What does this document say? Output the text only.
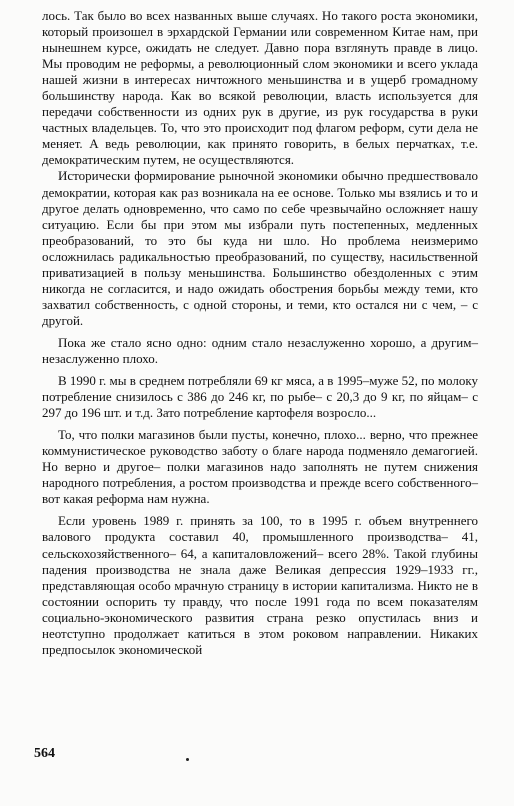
лось. Так было во всех названных выше случаях. Но такого роста экономики, который произошел в эрхардской Германии или современном Китае нам, при нынешнем курсе, ожидать не следует. Давно пора взглянуть правде в лицо. Мы проводим не реформы, а революционный слом экономики и всего уклада нашей жизни в интересах ничтожного меньшинства и в ущерб громадному большинству народа. Как во всякой революции, власть используется для передачи собственности из одних рук в другие, из рук государства в руки частных владельцев. То, что это происходит под флагом реформ, сути дела не меняет. А ведь революции, как принято говорить, в белых перчатках, т.е. демократическим путем, не осуществляются.

Исторически формирование рыночной экономики обычно предшествовало демократии, которая как раз возникала на ее основе. Только мы взялись и то и другое делать одновременно, что само по себе чрезвычайно осложняет нашу ситуацию. Если бы при этом мы избрали путь постепенных, медленных преобразований, то это бы куда ни шло. Но проблема неизмеримо осложнилась радикальностью преобразований, по существу, насильственной приватизацией в пользу меньшинства. Большинство обездоленных с этим никогда не согласится, и надо ожидать обострения борьбы между теми, кто захватил собственность, с одной стороны, и теми, кто остался ни с чем, – с другой.

Пока же стало ясно одно: одним стало незаслуженно хорошо, а другим–незаслуженно плохо.

В 1990 г. мы в среднем потребляли 69 кг мяса, а в 1995–муже 52, по молоку потребление снизилось с 386 до 246 кг, по рыбе– с 20,3 до 9 кг, по яйцам– с 297 до 196 шт. и т.д. Зато потребление картофеля возросло...

То, что полки магазинов были пусты, конечно, плохо... верно, что прежнее коммунистическое руководство заботу о благе народа подменяло демагогией. Но верно и другое– полки магазинов надо заполнять не путем снижения народного потребления, а ростом производства и прежде всего собственного– вот какая реформа нам нужна.

Если уровень 1989 г. принять за 100, то в 1995 г. объем внутреннего валового продукта составил 40, промышленного производства– 41, сельскохозяйственного– 64, а капиталовложений– всего 28%. Такой глубины падения производства не знала даже Великая депрессия 1929–1933 гг., представляющая особо мрачную страницу в истории капитализма. Никто не в состоянии оспорить ту правду, что после 1991 года по всем показателям социально-экономического развития страна резко опустилась вниз и неотступно продолжает катиться в этом роковом направлении. Никаких предпосылок экономической

564
